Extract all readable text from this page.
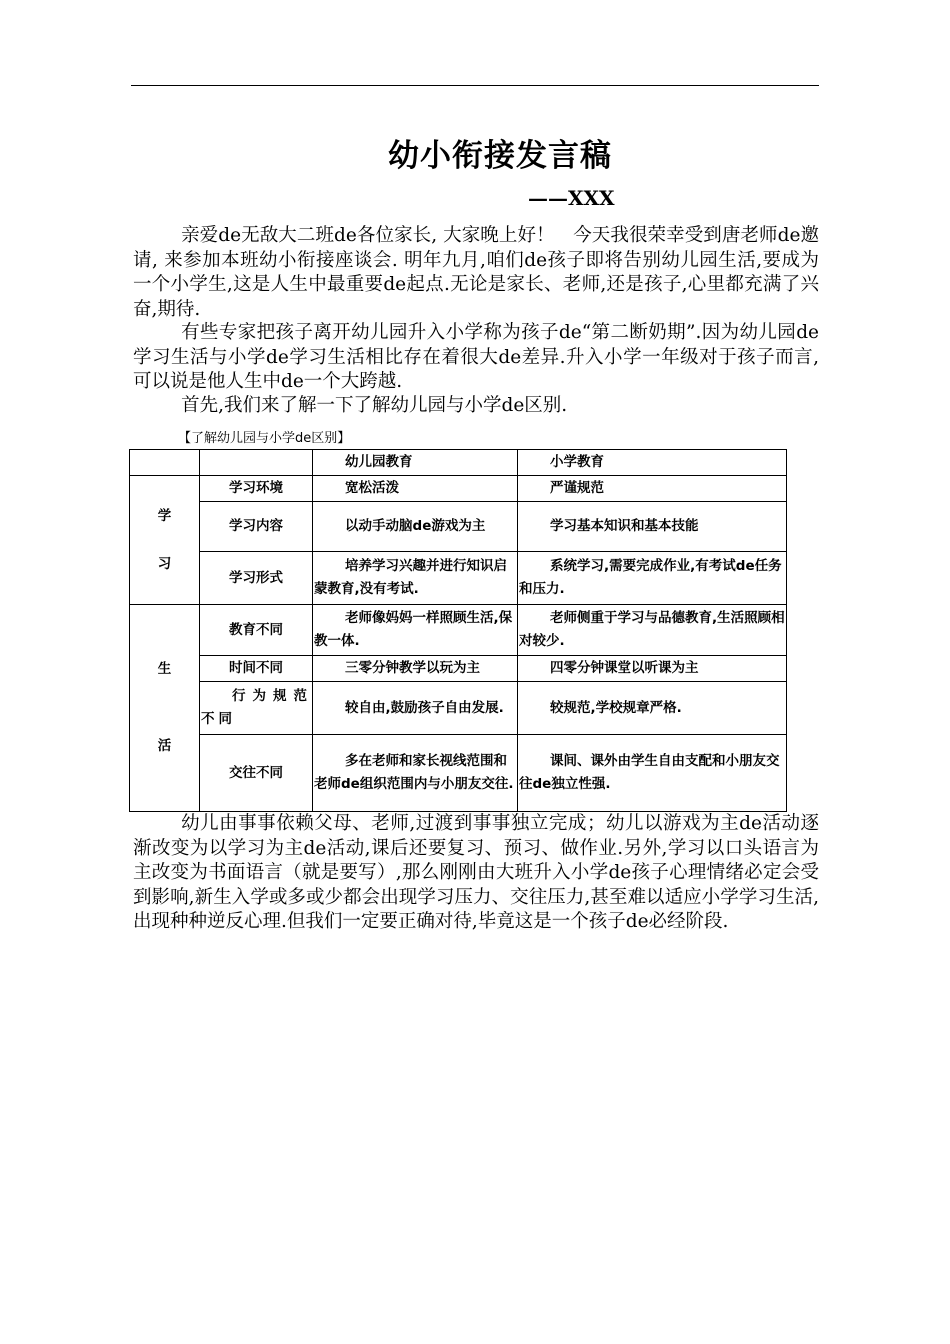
幼小衔接发言稿
——XXX
亲爱de无敌大二班de各位家长, 大家晚上好！　今天我很荣幸受到唐老师de邀请, 来参加本班幼小衔接座谈会. 明年九月,咱们de孩子即将告别幼儿园生活,要成为一个小学生,这是人生中最重要de起点.无论是家长、老师,还是孩子,心里都充满了兴奋,期待.
有些专家把孩子离开幼儿园升入小学称为孩子de“第二断奶期”.因为幼儿园de学习生活与小学de学习生活相比存在着很大de差异.升入小学一年级对于孩子而言,可以说是他人生中de一个大跨越.
首先,我们来了解一下了解幼儿园与小学de区别.
【了解幼儿园与小学de区别】
		幼儿园教育	小学教育

学
习	学习环境	宽松活泼	严谨规范
	学习内容	以动手动脑de游戏为主	学习基本知识和基本技能
	学习形式	培养学习兴趣并进行知识启蒙教育,没有考试.	系统学习,需要完成作业,有考试de任务和压力.

生
活	教育不同	老师像妈妈一样照顾生活,保教一体.	老师侧重于学习与品德教育,生活照顾相对较少.
	时间不同	三零分钟教学以玩为主	四零分钟课堂以听课为主
	行为规范不同	较自由,鼓励孩子自由发展.	较规范,学校规章严格.
	交往不同	多在老师和家长视线范围和老师de组织范围内与小朋友交往.	课间、课外由学生自由支配和小朋友交往de独立性强.
幼儿由事事依赖父母、老师,过渡到事事独立完成；幼儿以游戏为主de活动逐渐改变为以学习为主de活动,课后还要复习、预习、做作业.另外,学习以口头语言为主改变为书面语言（就是要写）,那么刚刚由大班升入小学de孩子心理情绪必定会受到影响,新生入学或多或少都会出现学习压力、交往压力,甚至难以适应小学学习生活,出现种种逆反心理.但我们一定要正确对待,毕竟这是一个孩子de必经阶段.
